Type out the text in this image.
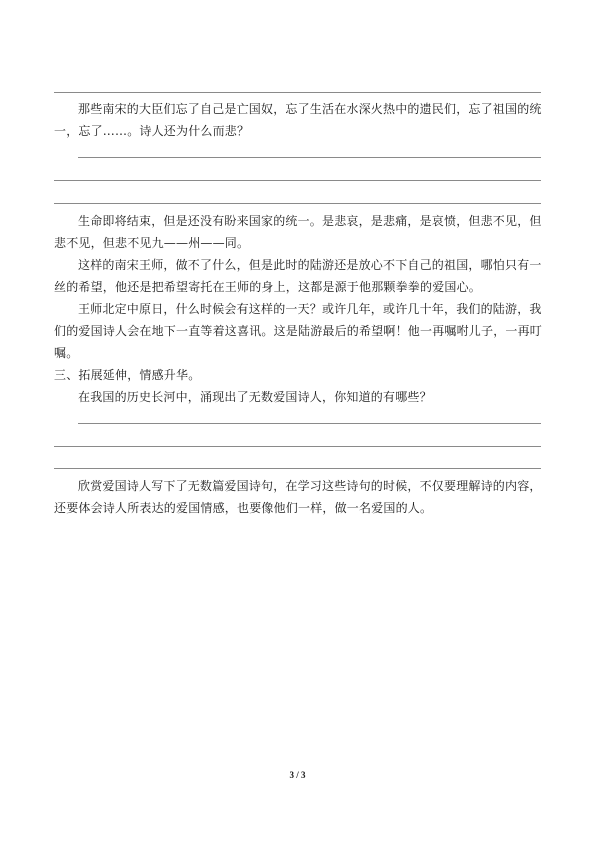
那些南宋的大臣们忘了自己是亡国奴，忘了生活在水深火热中的遗民们，忘了祖国的统
一，忘了……。诗人还为什么而悲？
生命即将结束，但是还没有盼来国家的统一。是悲哀，是悲痛，是哀愤，但悲不见，但
悲不见，但悲不见九——州——同。
这样的南宋王师，做不了什么，但是此时的陆游还是放心不下自己的祖国，哪怕只有一
丝的希望，他还是把希望寄托在王师的身上，这都是源于他那颗拳拳的爱国心。
王师北定中原日，什么时候会有这样的一天？或许几年，或许几十年，我们的陆游，我
们的爱国诗人会在地下一直等着这喜讯。这是陆游最后的希望啊！他一再嘱咐儿子，一再叮
嘱。
三、拓展延伸，情感升华。
在我国的历史长河中，涌现出了无数爱国诗人，你知道的有哪些？
欣赏爱国诗人写下了无数篇爱国诗句，在学习这些诗句的时候，不仅要理解诗的内容，
还要体会诗人所表达的爱国情感，也要像他们一样，做一名爱国的人。
3 / 3
